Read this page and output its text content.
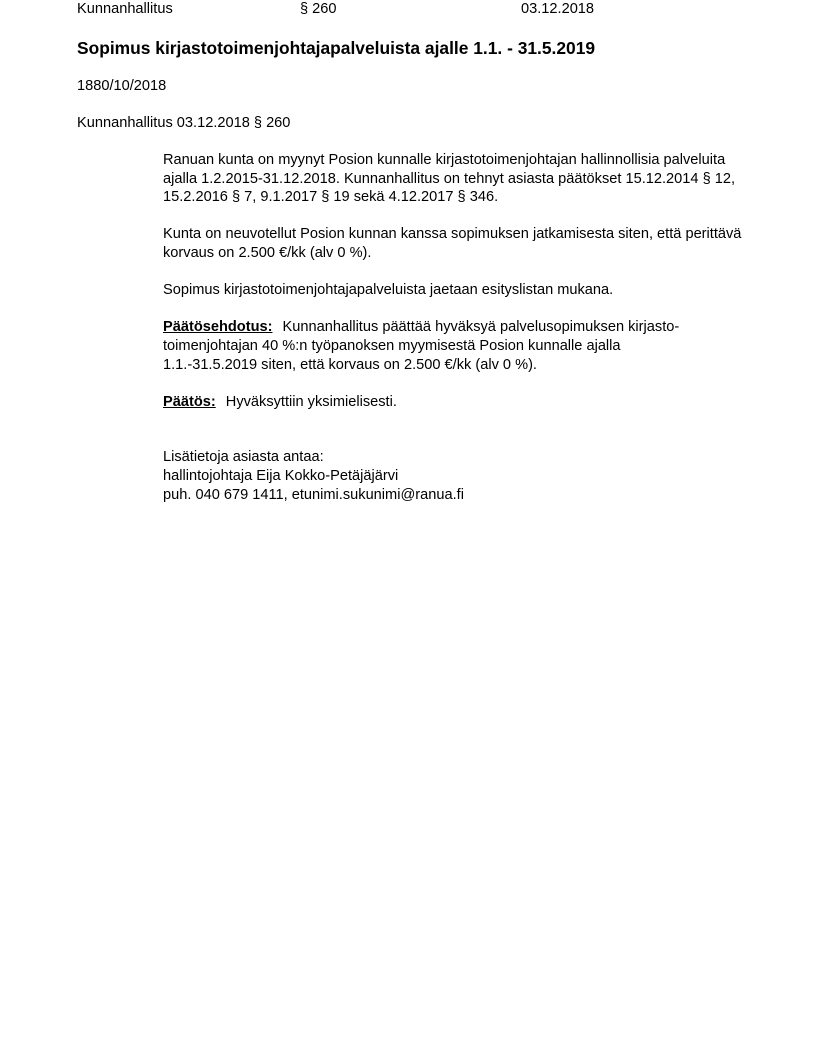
Kunnanhallitus	§ 260	03.12.2018
Sopimus kirjastotoimenjohtajapalveluista ajalle 1.1. - 31.5.2019
1880/10/2018
Kunnanhallitus 03.12.2018 § 260

Ranuan kunta on myynyt Posion kunnalle kirjastotoimenjohtajan hallinnollisia palveluita ajalla 1.2.2015-31.12.2018. Kunnanhallitus on tehnyt asiasta päätökset 15.12.2014 § 12, 15.2.2016 § 7, 9.1.2017 § 19 sekä 4.12.2017 § 346.

Kunta on neuvotellut Posion kunnan kanssa sopimuksen jatkamisesta siten, että perittävä korvaus on 2.500 €/kk (alv 0 %).

Sopimus kirjastotoimenjohtajapalveluista jaetaan esityslistan mukana.

Päätösehdotus: Kunnanhallitus päättää hyväksyä palvelusopimuksen kirjasto-
toimenjohtajan 40 %:n työpanoksen myymisestä Posion kunnalle ajalla
1.1.-31.5.2019 siten, että korvaus on 2.500 €/kk (alv 0 %).

Päätös: Hyväksyttiin yksimielisesti.

Lisätietoja asiasta antaa:
hallintojohtaja Eija Kokko-Petäjäjärvi
puh. 040 679 1411, etunimi.sukunimi@ranua.fi
